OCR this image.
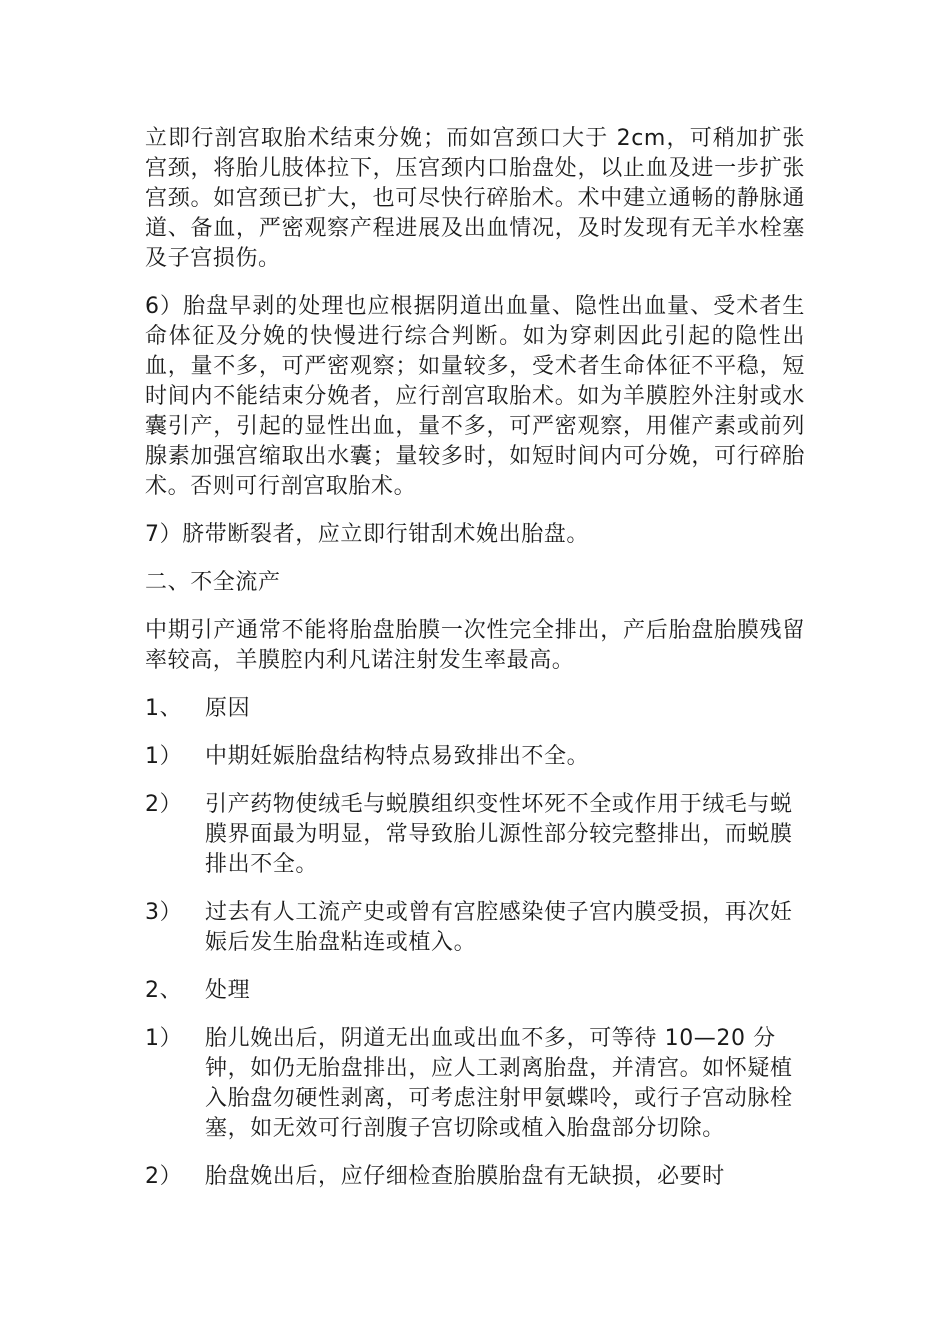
立即行剖宫取胎术结束分娩；而如宫颈口大于 2cm，可稍加扩张宫颈，将胎儿肢体拉下，压宫颈内口胎盘处，以止血及进一步扩张宫颈。如宫颈已扩大，也可尽快行碎胎术。术中建立通畅的静脉通道、备血，严密观察产程进展及出血情况，及时发现有无羊水栓塞及子宫损伤。

6）胎盘早剥的处理也应根据阴道出血量、隐性出血量、受术者生命体征及分娩的快慢进行综合判断。如为穿刺因此引起的隐性出血，量不多，可严密观察；如量较多，受术者生命体征不平稳，短时间内不能结束分娩者，应行剖宫取胎术。如为羊膜腔外注射或水囊引产，引起的显性出血，量不多，可严密观察，用催产素或前列腺素加强宫缩取出水囊；量较多时，如短时间内可分娩，可行碎胎术。否则可行剖宫取胎术。

7）脐带断裂者，应立即行钳刮术娩出胎盘。

二、不全流产

中期引产通常不能将胎盘胎膜一次性完全排出，产后胎盘胎膜残留率较高，羊膜腔内利凡诺注射发生率最高。

1、	原因
1）	中期妊娠胎盘结构特点易致排出不全。
2）	引产药物使绒毛与蜕膜组织变性坏死不全或作用于绒毛与蜕膜界面最为明显，常导致胎儿源性部分较完整排出，而蜕膜排出不全。
3）	过去有人工流产史或曾有宫腔感染使子宫内膜受损，再次妊娠后发生胎盘粘连或植入。
2、	处理
1）	胎儿娩出后，阴道无出血或出血不多，可等待 10—20 分钟，如仍无胎盘排出，应人工剥离胎盘，并清宫。如怀疑植入胎盘勿硬性剥离，可考虑注射甲氨蝶呤，或行子宫动脉栓塞，如无效可行剖腹子宫切除或植入胎盘部分切除。
2）	胎盘娩出后，应仔细检查胎膜胎盘有无缺损，必要时
